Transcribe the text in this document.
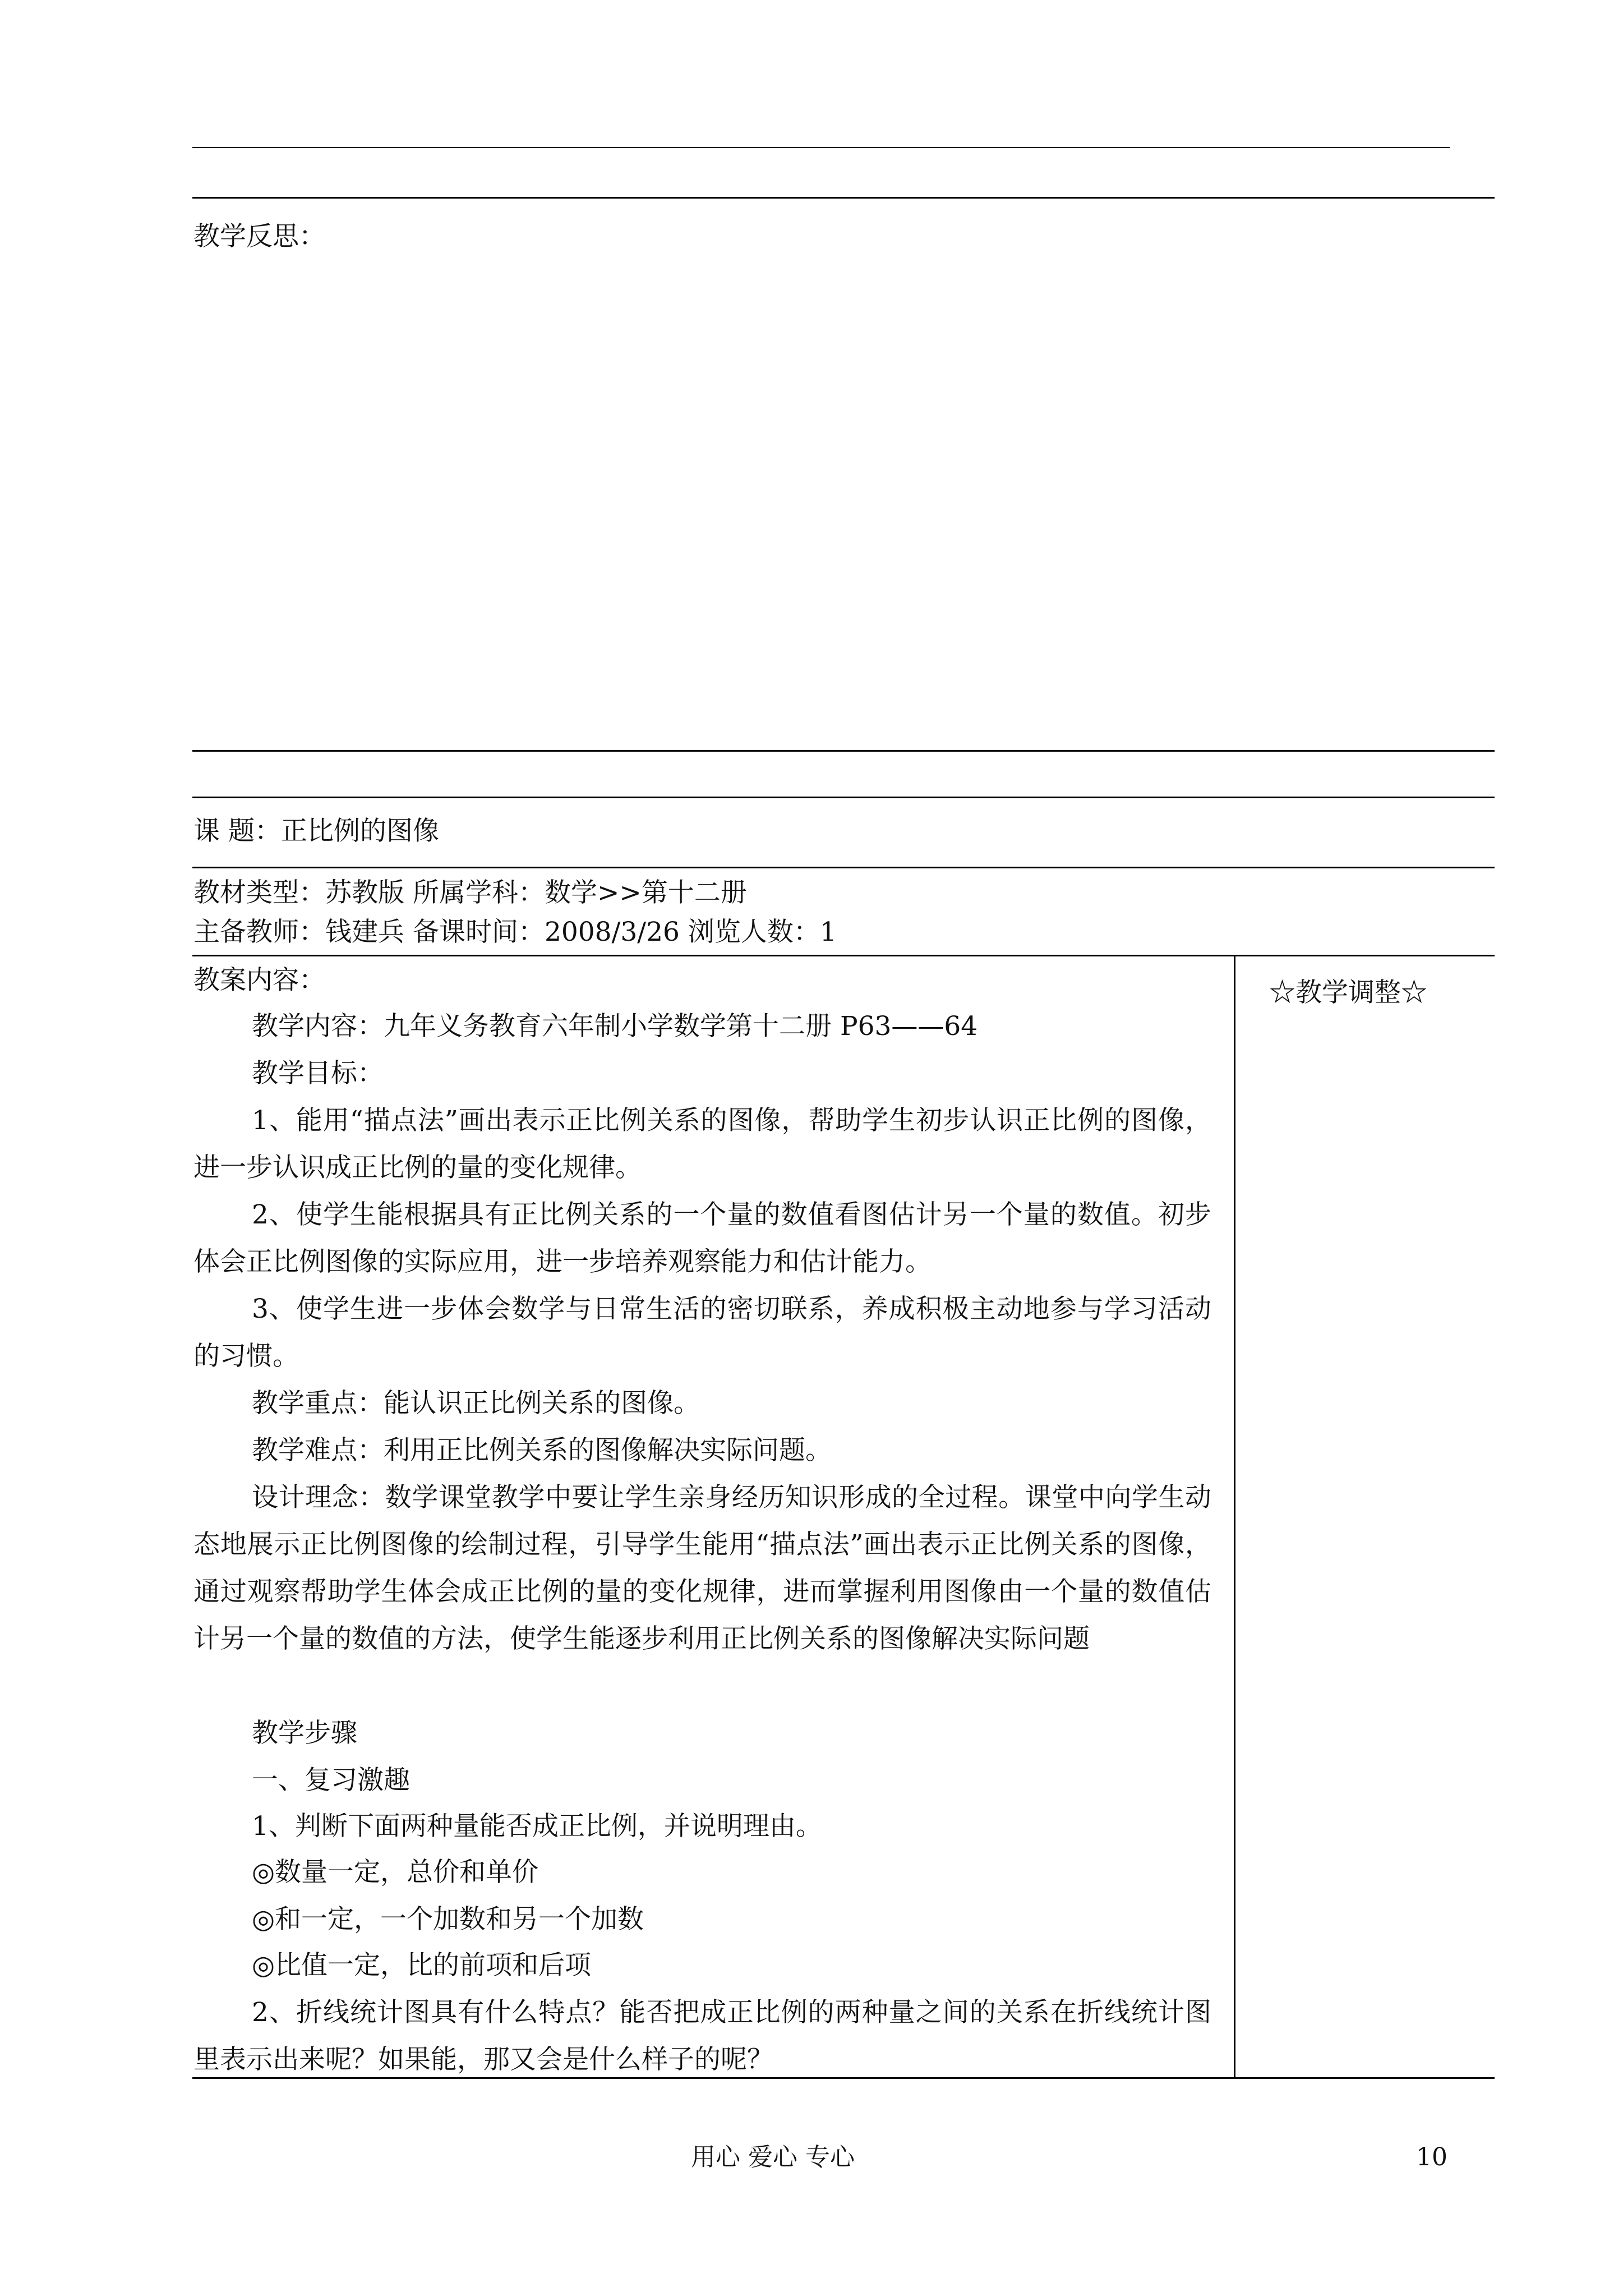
教学反思：
课 题：正比例的图像
教材类型：苏教版 所属学科：数学>>第十二册
主备教师：钱建兵 备课时间：2008/3/26 浏览人数：1
☆教学调整☆
教案内容：
教学内容：九年义务教育六年制小学数学第十二册 P63——64
教学目标：
1、能用“描点法”画出表示正比例关系的图像，帮助学生初步认识正比例的图像，进一步认识成正比例的量的变化规律。
2、使学生能根据具有正比例关系的一个量的数值看图估计另一个量的数值。初步体会正比例图像的实际应用，进一步培养观察能力和估计能力。
3、使学生进一步体会数学与日常生活的密切联系，养成积极主动地参与学习活动的习惯。
教学重点：能认识正比例关系的图像。
教学难点：利用正比例关系的图像解决实际问题。
设计理念：数学课堂教学中要让学生亲身经历知识形成的全过程。课堂中向学生动态地展示正比例图像的绘制过程，引导学生能用“描点法”画出表示正比例关系的图像，通过观察帮助学生体会成正比例的量的变化规律，进而掌握利用图像由一个量的数值估计另一个量的数值的方法，使学生能逐步利用正比例关系的图像解决实际问题
教学步骤
一、复习激趣
1、判断下面两种量能否成正比例，并说明理由。
◎数量一定，总价和单价
◎和一定，一个加数和另一个加数
◎比值一定，比的前项和后项
2、折线统计图具有什么特点？能否把成正比例的两种量之间的关系在折线统计图里表示出来呢？如果能，那又会是什么样子的呢？
用心 爱心 专心	10
